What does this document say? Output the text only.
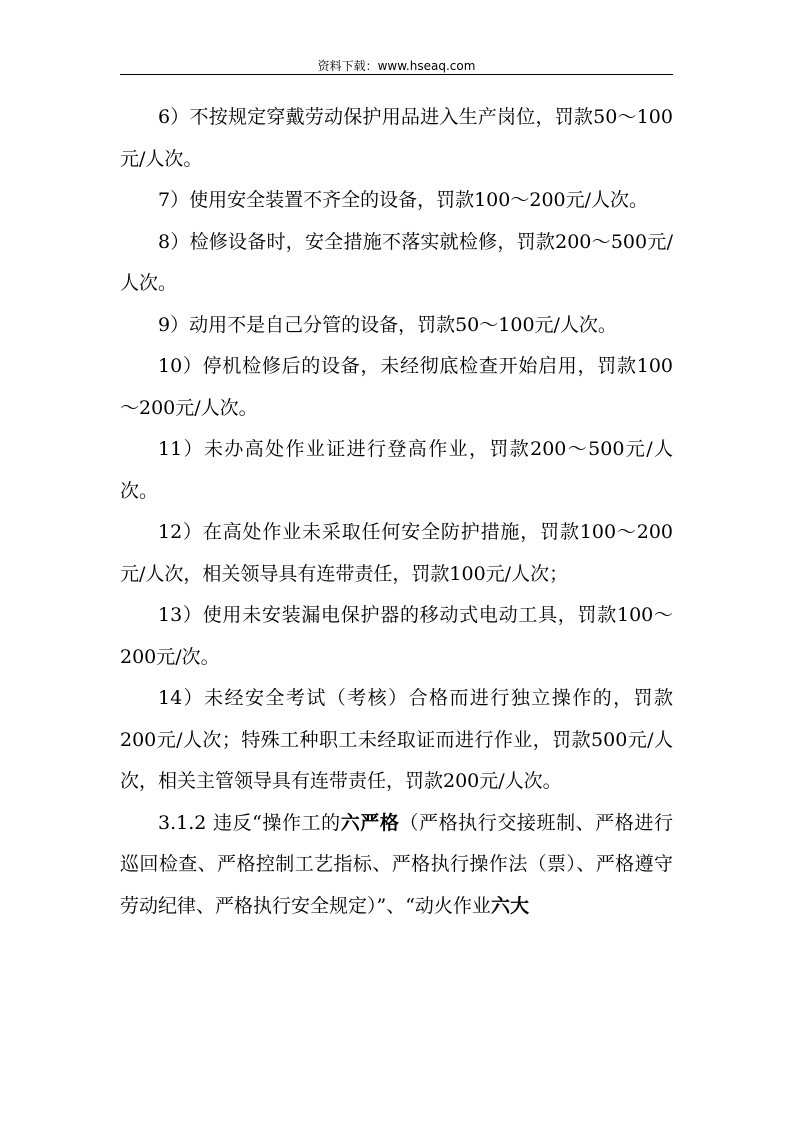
资料下载：www.hseaq.com

6）不按规定穿戴劳动保护用品进入生产岗位，罚款50～100元/人次。

7）使用安全装置不齐全的设备，罚款100～200元/人次。

8）检修设备时，安全措施不落实就检修，罚款200～500元/人次。

9）动用不是自己分管的设备，罚款50～100元/人次。

10）停机检修后的设备，未经彻底检查开始启用，罚款100～200元/人次。

11）未办高处作业证进行登高作业，罚款200～500元/人次。

12）在高处作业未采取任何安全防护措施，罚款100～200元/人次，相关领导具有连带责任，罚款100元/人次；

13）使用未安装漏电保护器的移动式电动工具，罚款100～200元/次。

14）未经安全考试（考核）合格而进行独立操作的，罚款200元/人次；特殊工种职工未经取证而进行作业，罚款500元/人次，相关主管领导具有连带责任，罚款200元/人次。

3.1.2 违反“操作工的六严格（严格执行交接班制、严格进行巡回检查、严格控制工艺指标、严格执行操作法（票）、严格遵守劳动纪律、严格执行安全规定）”、“动火作业六大
